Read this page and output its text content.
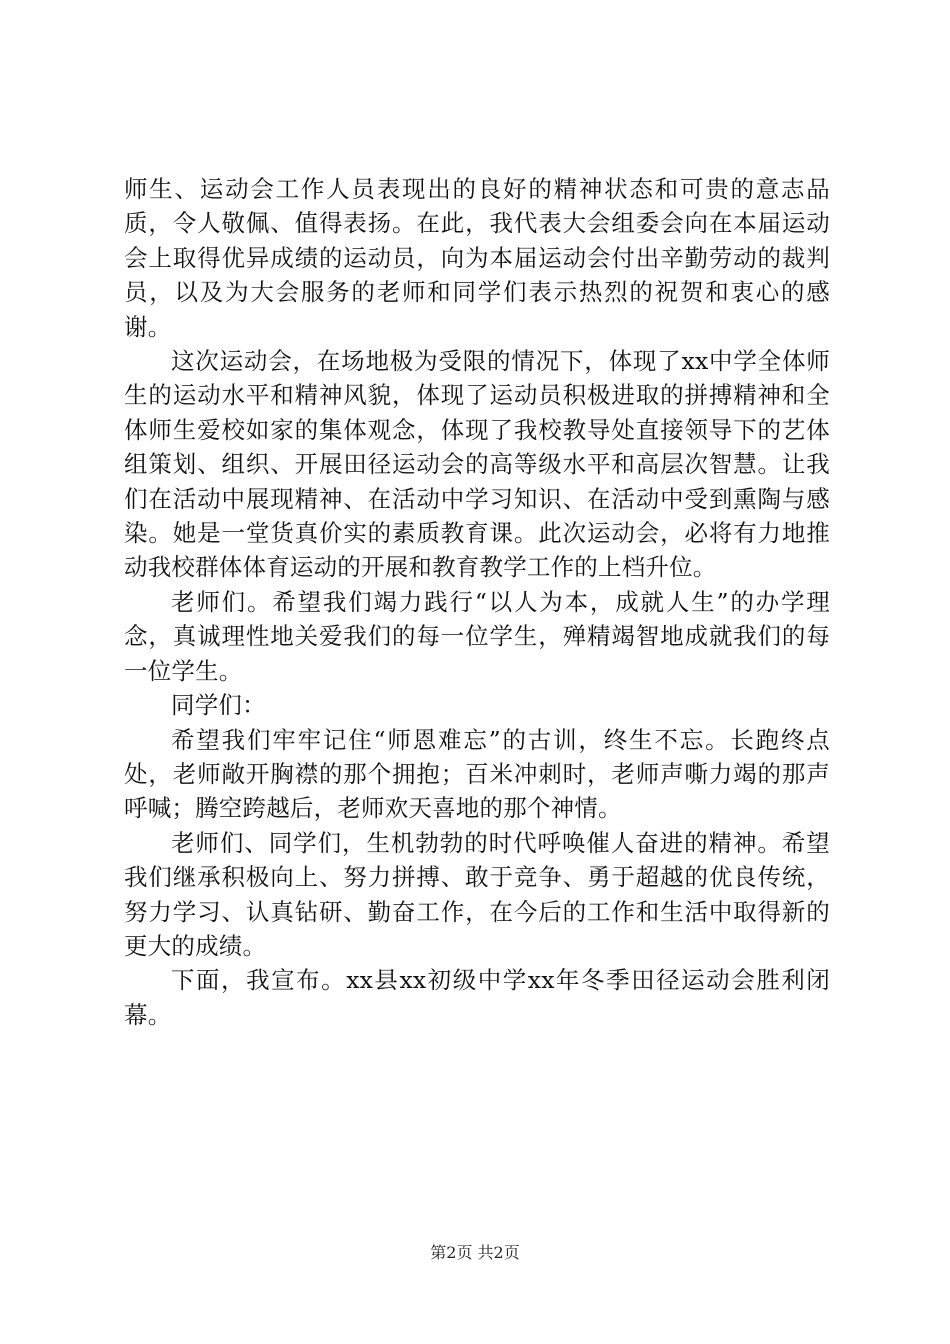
师生、运动会工作人员表现出的良好的精神状态和可贵的意志品质，令人敬佩、值得表扬。在此，我代表大会组委会向在本届运动会上取得优异成绩的运动员，向为本届运动会付出辛勤劳动的裁判员，以及为大会服务的老师和同学们表示热烈的祝贺和衷心的感谢。

这次运动会，在场地极为受限的情况下，体现了xx中学全体师生的运动水平和精神风貌，体现了运动员积极进取的拼搏精神和全体师生爱校如家的集体观念，体现了我校教导处直接领导下的艺体组策划、组织、开展田径运动会的高等级水平和高层次智慧。让我们在活动中展现精神、在活动中学习知识、在活动中受到熏陶与感染。她是一堂货真价实的素质教育课。此次运动会，必将有力地推动我校群体体育运动的开展和教育教学工作的上档升位。

老师们。希望我们竭力践行“以人为本，成就人生”的办学理念，真诚理性地关爱我们的每一位学生，殚精竭智地成就我们的每一位学生。

同学们：

希望我们牢牢记住“师恩难忘”的古训，终生不忘。长跑终点处，老师敞开胸襟的那个拥抱；百米冲刺时，老师声嘶力竭的那声呼喊；腾空跨越后，老师欢天喜地的那个神情。

老师们、同学们，生机勃勃的时代呼唤催人奋进的精神。希望我们继承积极向上、努力拼搏、敢于竞争、勇于超越的优良传统，努力学习、认真钻研、勤奋工作，在今后的工作和生活中取得新的更大的成绩。

下面，我宣布。xx县xx初级中学xx年冬季田径运动会胜利闭幕。

第2页 共2页
